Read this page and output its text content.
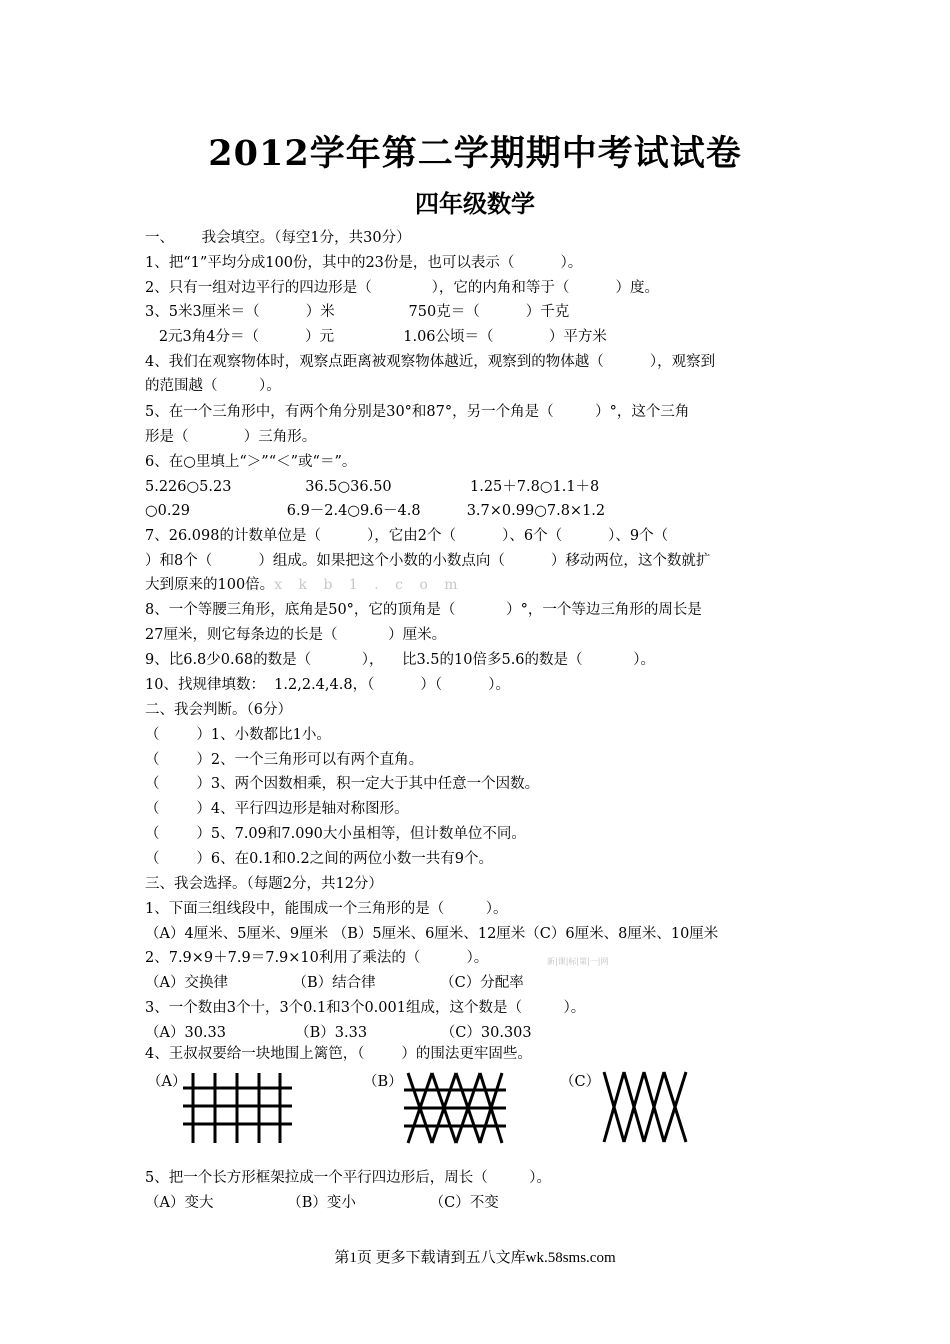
2012学年第二学期期中考试试卷
四年级数学
一、      我会填空。（每空1分，共30分）
1、把“1”平均分成100份，其中的23份是，也可以表示（          ）。
2、只有一组对边平行的四边形是（             ），它的内角和等于（          ）度。
3、5米3厘米＝（          ）米                750克＝（          ）千克
2元3角4分＝（          ）元               1.06公顷＝（            ）平方米
4、我们在观察物体时，观察点距离被观察物体越近，观察到的物体越（          ），观察到
的范围越（         ）。
5、在一个三角形中，有两个角分别是30°和87°，另一个角是（         ）°，这个三角
形是（            ）三角形。
6、在○里填上“＞”“＜”或“＝”。
5.226○5.23                36.5○36.50                 1.25＋7.8○1.1＋8
○0.29                     6.9－2.4○9.6－4.8          3.7×0.99○7.8×1.2
7、26.098的计数单位是（          ），它由2个（          ）、6个（          ）、9个（
）和8个（          ）组成。如果把这个小数的小数点向（          ）移动两位，这个数就扩
大到原来的100倍。x k b 1 . c o m
8、一个等腰三角形，底角是50°，它的顶角是（           ）°，一个等边三角形的周长是
27厘米，则它每条边的长是（           ）厘米。
9、比6.8少0.68的数是（           ），    比3.5的10倍多5.6的数是（           ）。
10、找规律填数：  1.2,2.4,4.8，（          ）（          ）。
二、我会判断。（6分）
（        ）1、小数都比1小。
（        ）2、一个三角形可以有两个直角。
（        ）3、两个因数相乘，积一定大于其中任意一个因数。
（        ）4、平行四边形是轴对称图形。
（        ）5、7.09和7.090大小虽相等，但计数单位不同。
（        ）6、在0.1和0.2之间的两位小数一共有9个。
三、我会选择。（每题2分，共12分）
1、下面三组线段中，能围成一个三角形的是（         ）。
（A）4厘米、5厘米、9厘米 （B）5厘米、6厘米、12厘米（C）6厘米、8厘米、10厘米
2、7.9×9＋7.9＝7.9×10利用了乘法的（          ）。	新|课|标|第|一|网
（A）交换律              （B）结合律              （C）分配率
3、一个数由3个十，3个0.1和3个0.001组成，这个数是（         ）。
（A）30.33               （B）3.33                （C）30.303
4、王叔叔要给一块地围上篱笆，（        ）的围法更牢固些。
（A）	（B）	（C）
5、把一个长方形框架拉成一个平行四边形后，周长（         ）。
（A）变大                （B）变小                （C）不变
第1页 更多下载请到五八文库wk.58sms.com
